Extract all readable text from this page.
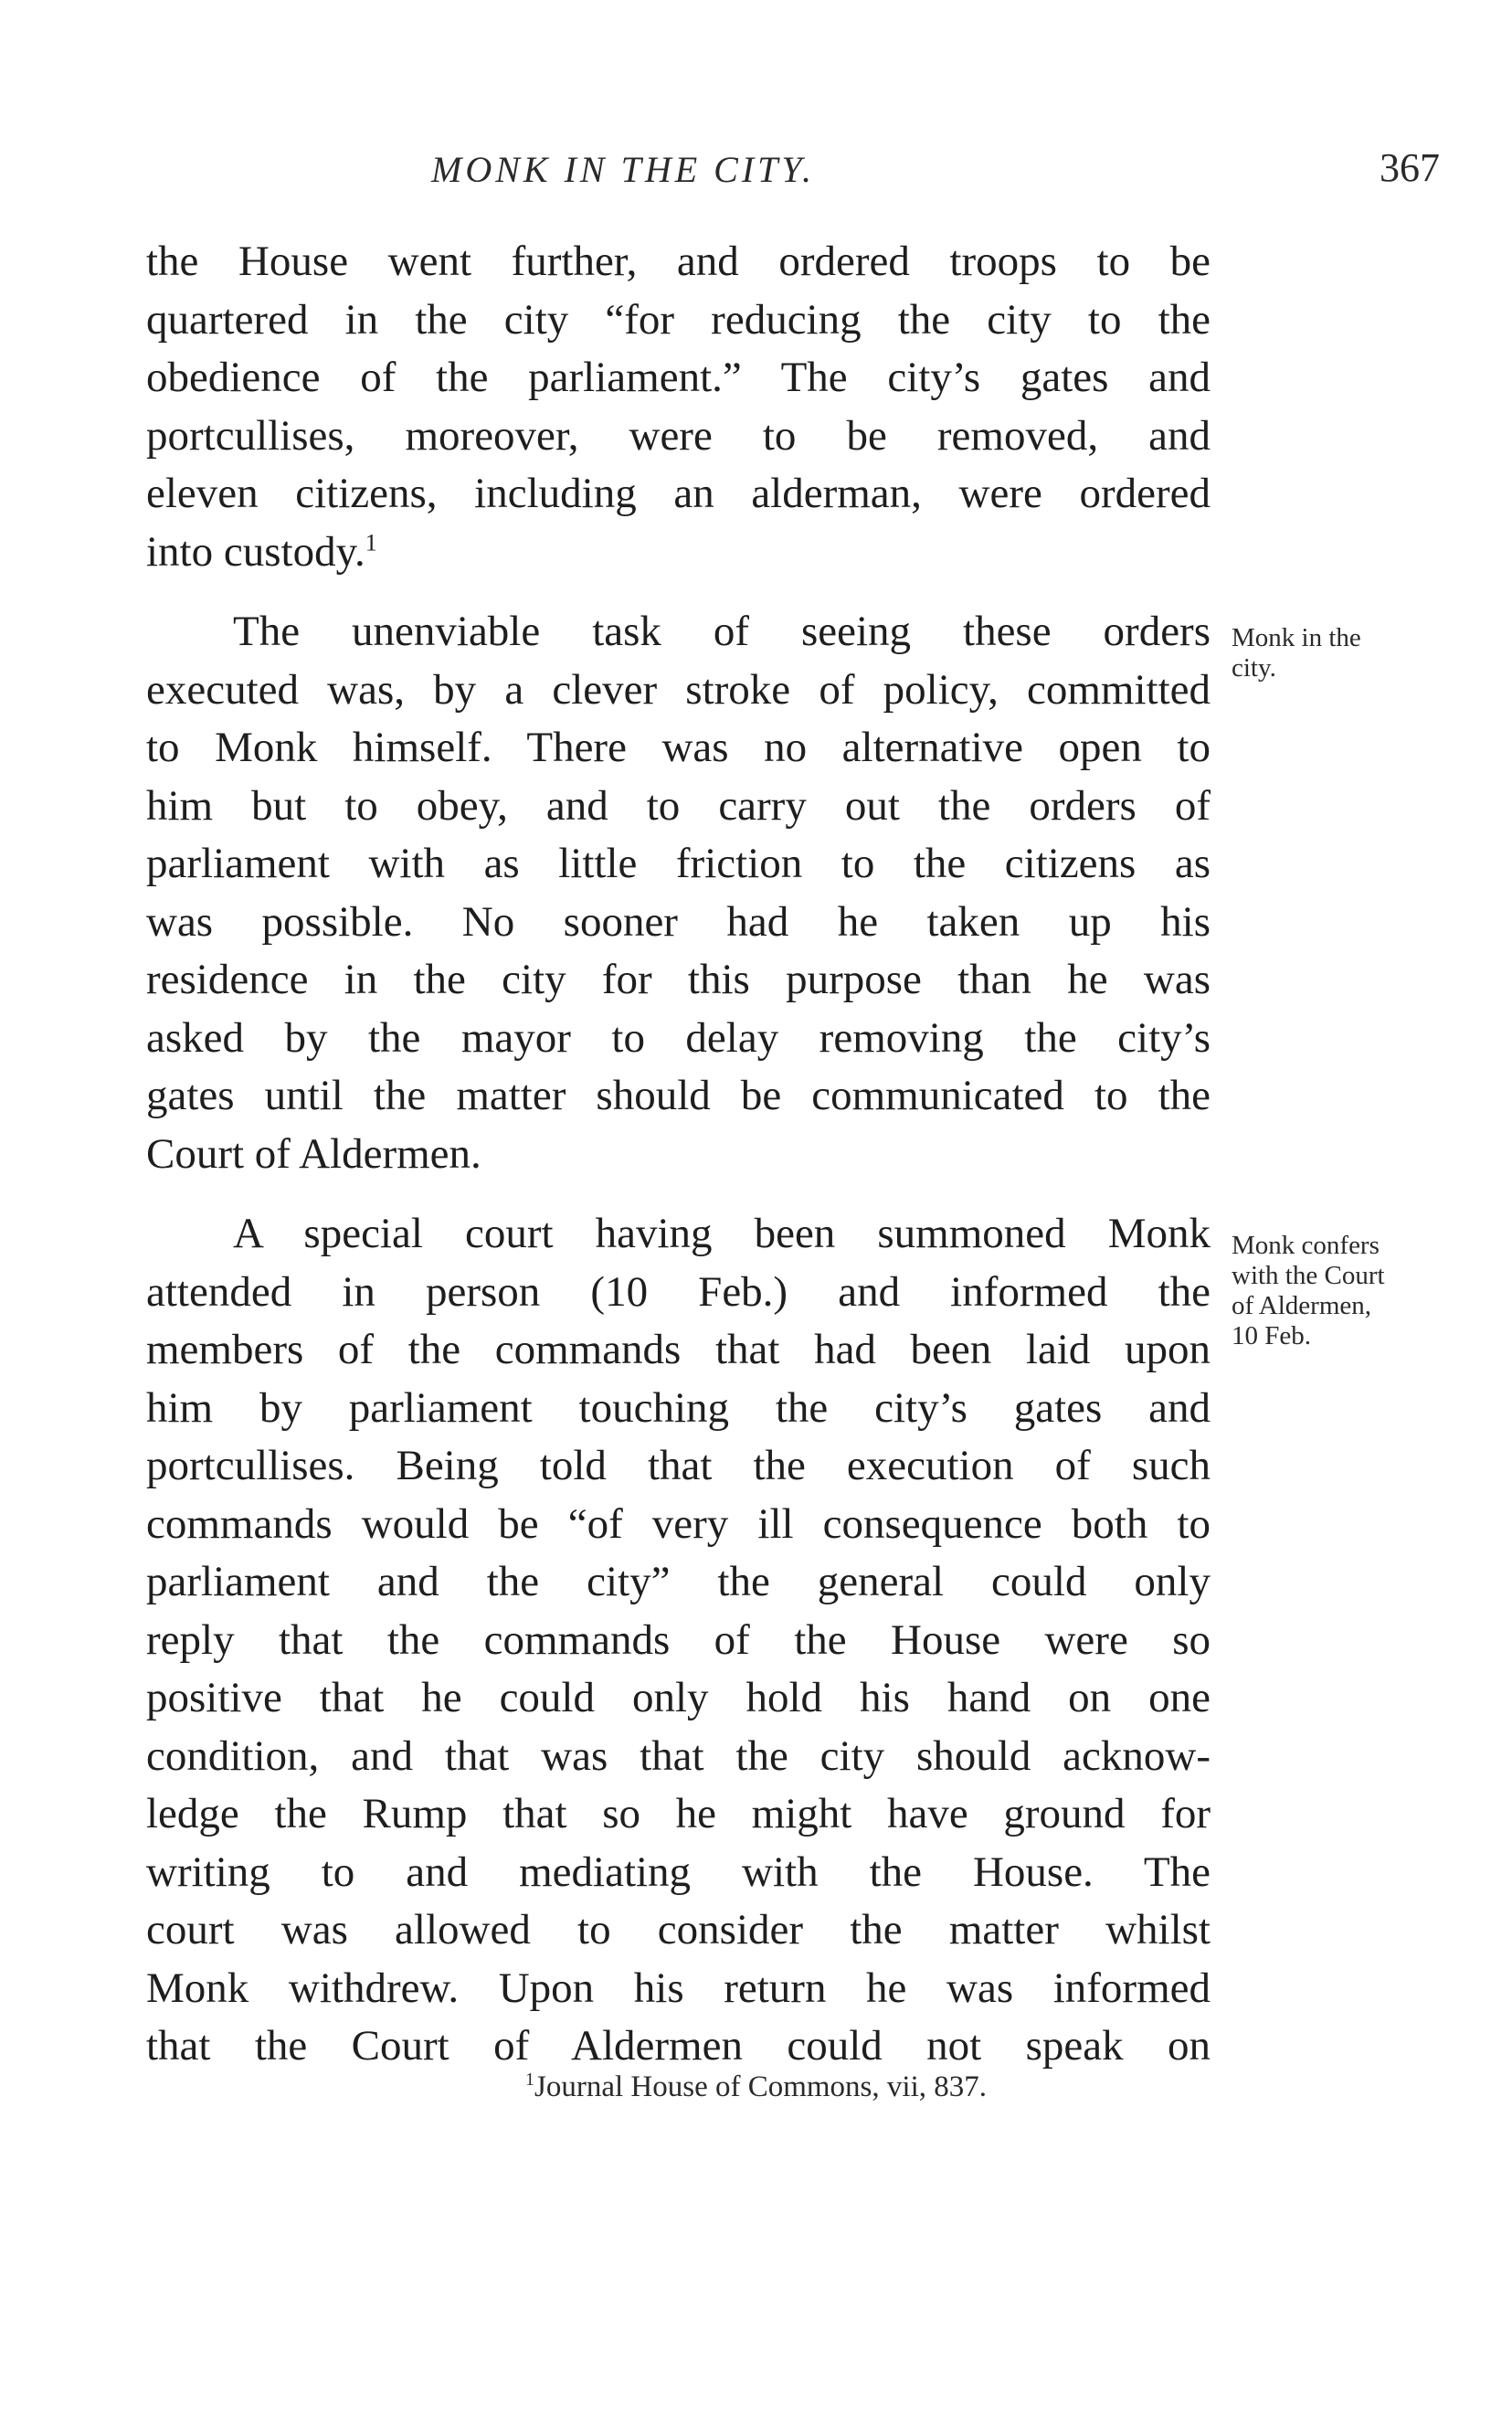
MONK IN THE CITY.	367
the House went further, and ordered troops to be
quartered in the city “for reducing the city to the
obedience of the parliament.” The city’s gates and
portcullises, moreover, were to be removed, and
eleven citizens, including an alderman, were ordered
into custody.$^1$
The unenviable task of seeing these orders
executed was, by a clever stroke of policy, committed
to Monk himself. There was no alternative open to
him but to obey, and to carry out the orders of
parliament with as little friction to the citizens as
was possible. No sooner had he taken up his
residence in the city for this purpose than he was
asked by the mayor to delay removing the city’s
gates until the matter should be communicated to the
Court of Aldermen.
A special court having been summoned Monk
attended in person (10 Feb.) and informed the
members of the commands that had been laid upon
him by parliament touching the city’s gates and
portcullises. Being told that the execution of such
commands would be “of very ill consequence both to
parliament and the city” the general could only
reply that the commands of the House were so
positive that he could only hold his hand on one
condition, and that was that the city should acknow-
ledge the Rump that so he might have ground for
writing to and mediating with the House. The
court was allowed to consider the matter whilst
Monk withdrew. Upon his return he was informed
that the Court of Aldermen could not speak on
Monk in the
city.
Monk confers
with the Court
of Aldermen,
10 Feb.
$^1$Journal House of Commons, vii, 837.
